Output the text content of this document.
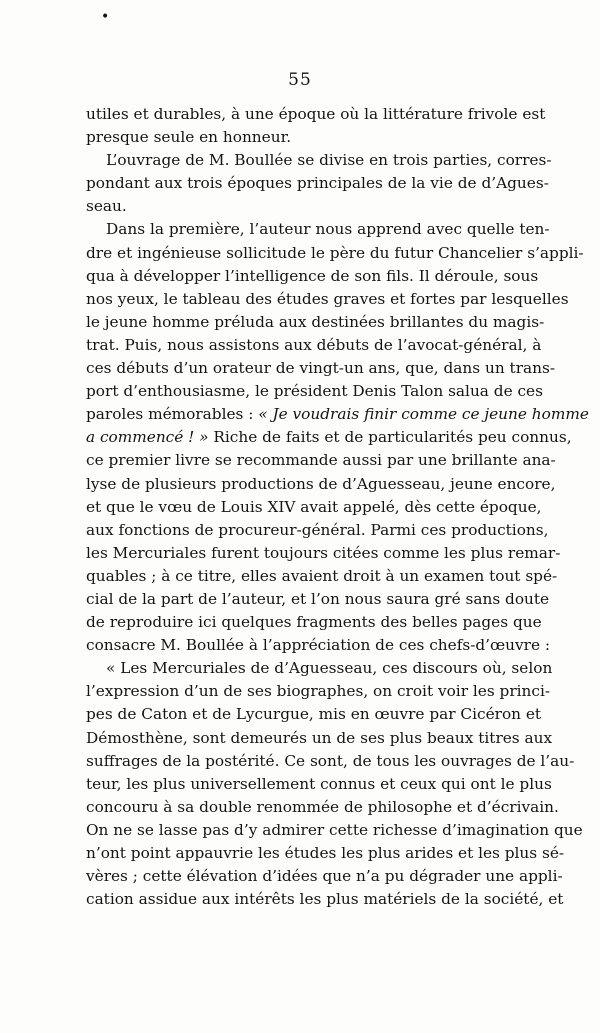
•
55
utiles et durables, à une époque où la littérature frivole est
presque seule en honneur.
L’ouvrage de M. Boullée se divise en trois parties, corres-
pondant aux trois époques principales de la vie de d’Agues-
seau.
Dans la première, l’auteur nous apprend avec quelle ten-
dre et ingénieuse sollicitude le père du futur Chancelier s’appli-
qua à développer l’intelligence de son fils. Il déroule, sous
nos yeux, le tableau des études graves et fortes par lesquelles
le jeune homme préluda aux destinées brillantes du magis-
trat. Puis, nous assistons aux débuts de l’avocat-général, à
ces débuts d’un orateur de vingt-un ans, que, dans un trans-
port d’enthousiasme, le président Denis Talon salua de ces
paroles mémorables : « Je voudrais finir comme ce jeune homme
a commencé ! » Riche de faits et de particularités peu connus,
ce premier livre se recommande aussi par une brillante ana-
lyse de plusieurs productions de d’Aguesseau, jeune encore,
et que le vœu de Louis XIV avait appelé, dès cette époque,
aux fonctions de procureur-général. Parmi ces productions,
les Mercuriales furent toujours citées comme les plus remar-
quables ; à ce titre, elles avaient droit à un examen tout spé-
cial de la part de l’auteur, et l’on nous saura gré sans doute
de reproduire ici quelques fragments des belles pages que
consacre M. Boullée à l’appréciation de ces chefs-d’œuvre :
« Les Mercuriales de d’Aguesseau, ces discours où, selon
l’expression d’un de ses biographes, on croit voir les princi-
pes de Caton et de Lycurgue, mis en œuvre par Cicéron et
Démosthène, sont demeurés un de ses plus beaux titres aux
suffrages de la postérité. Ce sont, de tous les ouvrages de l’au-
teur, les plus universellement connus et ceux qui ont le plus
concouru à sa double renommée de philosophe et d’écrivain.
On ne se lasse pas d’y admirer cette richesse d’imagination que
n’ont point appauvrie les études les plus arides et les plus sé-
vères ; cette élévation d’idées que n’a pu dégrader une appli-
cation assidue aux intérêts les plus matériels de la société, et
